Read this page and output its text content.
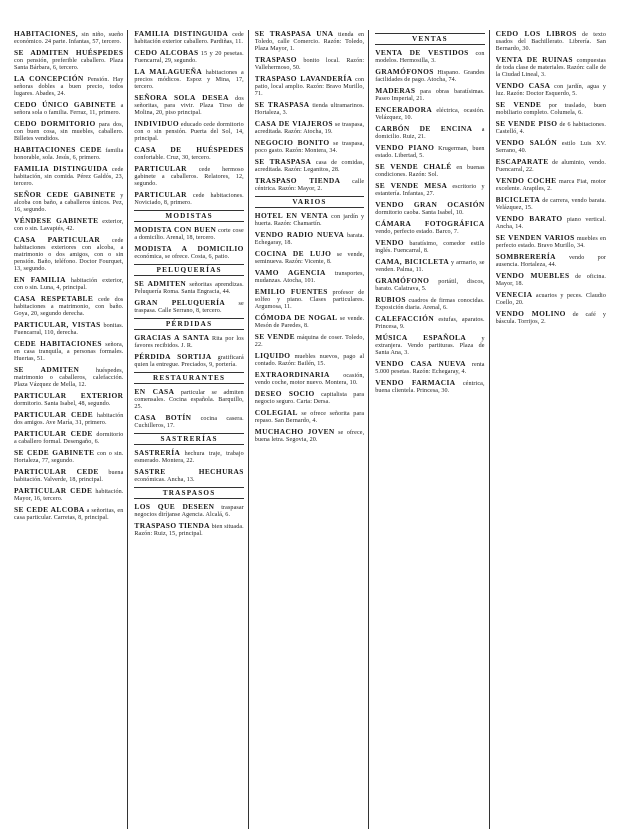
HABITACIONES, sin niño, sueño económico. 24 parte. Infantas, 57, tercero.

SE ADMITEN HUÉSPEDES con pensión, preferible caballero. Plaza Santa Bárbara, 6, tercero.

LA CONCEPCIÓN Pensión. Hay señoras dobles a buen precio, todos lugares. Abades, 24.

CEDO ÚNICO GABINETE a señora sola o familia. Ferraz, 11, primero.

CEDO DORMITORIO para dos, con buen cosa, sin muebles, caballero. Billetes vendidos.

HABITACIONES CEDE familia honorable, sola. Jesús, 6, primero.

FAMILIA DISTINGUIDA cede habitación, sin comida. Pérez Galdós, 23, tercero.

SEÑOR CEDE GABINETE y alcoba con baño, a caballeros únicos. Pez, 16, segundo.

VÉNDESE GABINETE exterior, con o sin. Lavapiés, 42.

CASA PARTICULAR cede habitaciones exteriores con alcoba, a matrimonio o dos amigos, con o sin pensión. Baño, teléfono. Doctor Fourquet, 13, segundo.

EN FAMILIA habitación exterior, con o sin. Luna, 4, principal.

CASA RESPETABLE cede dos habitaciones a matrimonio, con baño. Goya, 20, segundo derecha.

PARTICULAR, VISTAS bonitas. Fuencarral, 110, derecha.

CEDE HABITACIONES señora, en casa tranquila, a personas formales. Huertas, 51.

SE ADMITEN	huéspedes, matrimonio o caballeros, calefacción. Plaza Vázquez de Mella, 12.

PARTICULAR EXTERIOR dormitorio. Santa Isabel, 48, segundo.

PARTICULAR CEDE habitación dos amigos. Ave María, 31, primero.

PARTICULAR CEDE dormitorio a caballero formal. Desengaño, 6.

SE CEDE GABINETE con o sin. Hortaleza, 77, segundo.

PARTICULAR CEDE buena habitación. Valverde, 18, principal.

PARTICULAR CEDE habitación. Mayor, 16, tercero.

SE CEDE ALCOBA a señoritas, en casa particular. Carretas, 8, principal.

FAMILIA DISTINGUIDA cede habitación exterior caballero. Pardiñas, 11.

CEDO ALCOBAS 15 y 20 pesetas. Fuencarral, 29, segundo.

LA MALAGUEÑA habitaciones a precios módicos. Espoz y Mina, 17, tercero.

SEÑORA SOLA DESEA dos señoritas, para vivir. Plaza Tirso de Molina, 20, piso principal.

INDIVIDUO educado cede dormitorio con o sin pensión. Puerta del Sol, 14, principal.

CASA DE HUÉSPEDES confortable. Cruz, 30, tercero.

PARTICULAR cede hermoso gabinete a caballeros. Relatores, 12, segundo.

PARTICULAR cede habitaciones. Noviciado, 8, primero.

MODISTAS

MODISTA CON BUEN corte cose a domicilio. Arenal, 18, tercero.

MODISTA A DOMICILIO económica, se ofrece. Costa, 6, patio.

PELUQUERÍAS

SE ADMITEN señoritas aprendizas. Peluquería Roma. Santa Engracia, 44.

GRAN PELUQUERÍA se traspasa. Calle Serrano, 8, tercero.

PÉRDIDAS

GRACIAS A SANTA Rita por los favores recibidos. J. R.

PÉRDIDA SORTIJA gratificará quien la entregue. Preciados, 9, portería.

RESTAURANTES

EN CASA particular se admiten comensales. Cocina española. Barquillo, 25.

CASA BOTÍN cocina casera. Cuchilleros, 17.

SASTRERÍAS

SASTRERÍA hechura traje, trabajo esmerado. Montera, 22.

SASTRE HECHURAS económicas. Ancha, 13.

TRASPASOS

LOS QUE DESEEN traspasar negocios diríjanse Agencia. Alcalá, 6.

TRASPASO TIENDA bien situada. Razón: Ruiz, 15, principal.

SE TRASPASA UNA tienda en Toledo, calle Comercio. Razón: Toledo, Plaza Mayor, 1.

TRASPASO bonito local. Razón: Vallehermoso, 50.

TRASPASO LAVANDERÍA con patio, local amplio. Razón: Bravo Murillo, 71.

SE TRASPASA tienda ultramarinos. Hortaleza, 3.

CASA DE VIAJEROS se traspasa, acreditada. Razón: Atocha, 19.

NEGOCIO BONITO se traspasa, poco gasto. Razón: Montera, 34.

SE TRASPASA casa de comidas, acreditada. Razón: Leganitos, 28.

TRASPASO TIENDA calle céntrica. Razón: Mayor, 2.

VARIOS

HOTEL EN VENTA con jardín y huerta. Razón: Chamartín.

VENDO RADIO NUEVA barata. Echegaray, 18.

COCINA DE LUJO se vende, seminueva. Razón: Vicente, 8.

VAMO AGENCIA transportes, mudanzas. Atocha, 101.

EMILIO FUENTES profesor de solfeo y piano. Clases particulares. Argumosa, 11.

CÓMODA DE NOGAL se vende. Mesón de Paredes, 8.

SE VENDE máquina de coser. Toledo, 22.

LIQUIDO muebles nuevos, pago al contado. Razón: Bailén, 15.

EXTRAORDINARIA ocasión, vendo coche, motor nuevo. Montera, 10.

DESEO SOCIO capitalista para negocio seguro. Carta: Dersa.

COLEGIAL se ofrece señorita para repaso. San Bernardo, 4.

MUCHACHO JOVEN se ofrece, buena letra. Segovia, 20.

VENTAS

VENTA DE VESTIDOS con modelos. Hermosilla, 3.

GRAMÓFONOS Hispano. Grandes facilidades de pago. Atocha, 74.

MADERAS para obras baratísimas. Paseo Imperial, 21.

ENCERADORA eléctrica, ocasión. Velázquez, 10.

CARBÓN DE ENCINA a domicilio. Ruiz, 21.

VENDO PIANO Krugerman, buen estado. Libertad, 5.

SE VENDE CHALÉ en buenas condiciones. Razón: Sol.

SE VENDE MESA escritorio y estantería. Infantas, 27.

VENDO GRAN OCASIÓN dormitorio caoba. Santa Isabel, 10.

CÁMARA FOTOGRÁFICA vendo, perfecto estado. Barco, 7.

VENDO baratísimo, comedor estilo inglés. Fuencarral, 8.

CAMA, BICICLETA y armario, se venden. Palma, 11.

GRAMÓFONO portátil, discos, barato. Calatrava, 5.

RUBIOS cuadros de firmas conocidas. Exposición diaria. Arenal, 6.

CALEFACCIÓN estufas, aparatos. Princesa, 9.

MÚSICA ESPAÑOLA	y extranjera. Vendo partituras. Plaza de Santa Ana, 3.

VENDO CASA NUEVA renta 5.000 pesetas. Razón: Echegaray, 4.

VENDO FARMACIA céntrica, buena clientela. Princesa, 30.

CEDO LOS LIBROS de texto usados del Bachillerato. Librería. San Bernardo, 30.

VENTA DE RUINAS compuestas de toda clase de materiales. Razón: calle de la Ciudad Lineal, 3.

VENDO CASA con jardín, agua y luz. Razón: Doctor Esquerdo, 5.

SE VENDE por traslado, buen mobiliario completo. Columela, 6.

SE VENDE PISO de 6 habitaciones. Castelló, 4.

VENDO SALÓN estilo Luis XV. Serrano, 40.

ESCAPARATE de aluminio, vendo. Fuencarral, 22.

VENDO COCHE marca Fiat, motor excelente. Arapiles, 2.

BICICLETA de carrera, vendo barata. Velázquez, 15.

VENDO BARATO piano vertical. Ancha, 14.

SE VENDEN VARIOS muebles en perfecto estado. Bravo Murillo, 34.

SOMBRERERÍA vendo por ausencia. Hortaleza, 44.

VENDO MUEBLES de oficina. Mayor, 18.

VENECIA acuarios y peces. Claudio Coello, 20.

VENDO MOLINO de café y báscula. Torrijos, 2.
